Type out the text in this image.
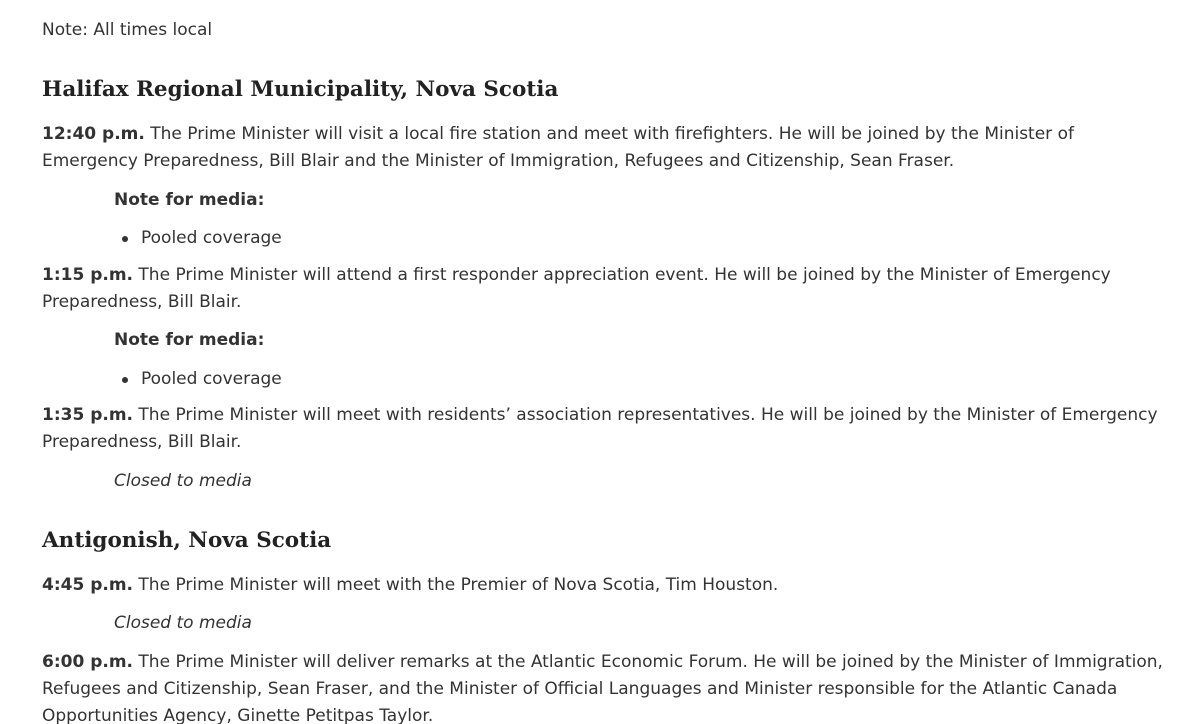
Note: All times local
Halifax Regional Municipality, Nova Scotia

12:40 p.m. The Prime Minister will visit a local fire station and meet with firefighters. He will be joined by the Minister of Emergency Preparedness, Bill Blair and the Minister of Immigration, Refugees and Citizenship, Sean Fraser.

Note for media:
Pooled coverage

1:15 p.m. The Prime Minister will attend a first responder appreciation event. He will be joined by the Minister of Emergency Preparedness, Bill Blair.

Note for media:
Pooled coverage

1:35 p.m. The Prime Minister will meet with residents’ association representatives. He will be joined by the Minister of Emergency Preparedness, Bill Blair.

Closed to media
Antigonish, Nova Scotia

4:45 p.m. The Prime Minister will meet with the Premier of Nova Scotia, Tim Houston.

Closed to media

6:00 p.m. The Prime Minister will deliver remarks at the Atlantic Economic Forum. He will be joined by the Minister of Immigration, Refugees and Citizenship, Sean Fraser, and the Minister of Official Languages and Minister responsible for the Atlantic Canada Opportunities Agency, Ginette Petitpas Taylor.
